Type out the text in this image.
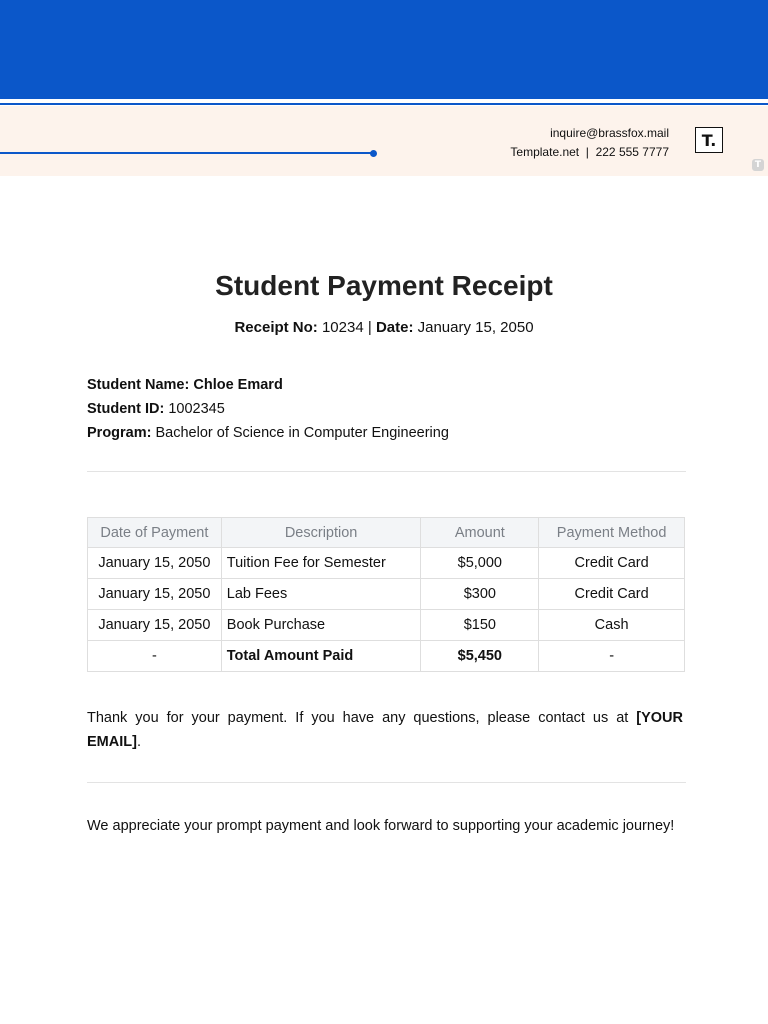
inquire@brassfox.mail
Template.net  |  222 555 7777
T.
T
Student Payment Receipt
Receipt No: 10234 | Date: January 15, 2050
Student Name: Chloe Emard
Student ID: 1002345
Program: Bachelor of Science in Computer Engineering
Date of Payment	Description	Amount	Payment Method
January 15, 2050	Tuition Fee for Semester	$5,000	Credit Card
January 15, 2050	Lab Fees	$300	Credit Card
January 15, 2050	Book Purchase	$150	Cash
-	Total Amount Paid	$5,450	-

Thank you for your payment. If you have any questions, please contact us at [YOUR EMAIL].

We appreciate your prompt payment and look forward to supporting your academic journey!
